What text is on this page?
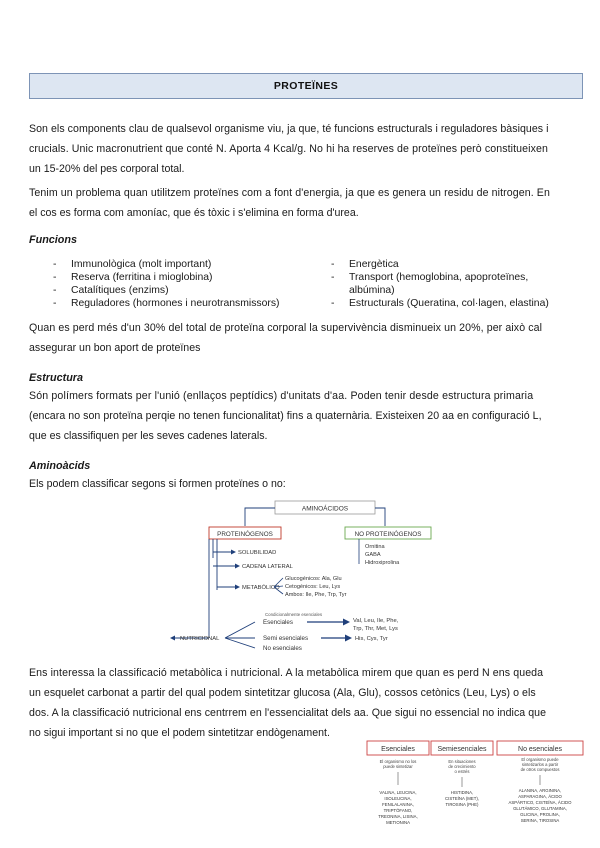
PROTEÏNES
Son els components clau de qualsevol organisme viu, ja que, té funcions estructurals i reguladores bàsiques i
crucials. Unic macronutrient que conté N. Aporta 4 Kcal/g. No hi ha reserves de proteïnes però constitueixen
un 15-20% del pes corporal total.
Tenim un problema quan utilitzem proteïnes com a font d'energia, ja que es genera un residu de nitrogen. En
el cos es forma com amoníac, que és tòxic i s'elimina en forma d'urea.
Funcions
-	Immunològica (molt important)
-	Reserva (ferritina i mioglobina)
-	Catalítiques (enzims)
-	Reguladores (hormones i neurotransmissors)
-	Energètica
-	Transport (hemoglobina, apoproteïnes,
albúmina)
-	Estructurals (Queratina, col·lagen, elastina)
Quan es perd més d'un 30% del total de proteïna corporal la supervivència disminueix un 20%, per això cal
assegurar un bon aport de proteïnes
Estructura
Són polímers formats per l'unió (enllaços peptídics) d'unitats d'aa. Poden tenir desde estructura primaria
(encara no son proteïna perqie no tenen funcionalitat) fins a quaternària. Existeixen 20 aa en configuració L,
que es classifiquen per les seves cadenes laterals.
Aminoàcids
Els podem classificar segons si formen proteïnes o no:
AMINOÁCIDOS
PROTEINÓGENOS	NO PROTEINÓGENOS
SOLUBILIDAD
CADENA LATERAL
METABÓLICO
Glucogénicos: Ala, Glu
Cetogénicos: Leu, Lys
Ambos: Ile, Phe, Trp, Tyr
Ornitina
GABA
Hidroxiprolina
NUTRICIONAL
Condicionalmente esenciales
Esenciales
Semi esenciales
No esenciales
Val, Leu, Ile, Phe,
Trp, Thr, Met, Lys
His, Cys, Tyr
Ens interessa la classificació metabòlica i nutricional. A la metabòlica mirem que quan es perd N ens queda
un esquelet carbonat a partir del qual podem sintetitzar glucosa (Ala, Glu), cossos cetònics (Leu, Lys) o els
dos. A la classificació nutricional ens centrrem en l'essencialitat dels aa. Que sigui no essencial no indica que
no sigui important si no que el podem sintetitzar endògenament.
Esenciales	Semiesenciales	No esenciales
El organismo no los
puede sintetizar
En situaciones
de crecimiento
o estrés
El organismo puede
sintetizarlos a partir
de otros compuestos
VALINA, LEUCINA,
ISOLEUCINA,
FENILALANINA,
TRIPTÓFANO,
TREONINA, LISINA,
METIONINA
HISTIDINA,
CISTEÍNA (MET),
TIROSINA (PHE)
ALANINA, ARGININA,
ASPARAGINA, ÁCIDO
ASPÁRTICO, CISTEÍNA, ÁCIDO
GLUTÁMICO, GLUTAMINA,
GLICINA, PROLINA,
SERINA, TIROSINA
